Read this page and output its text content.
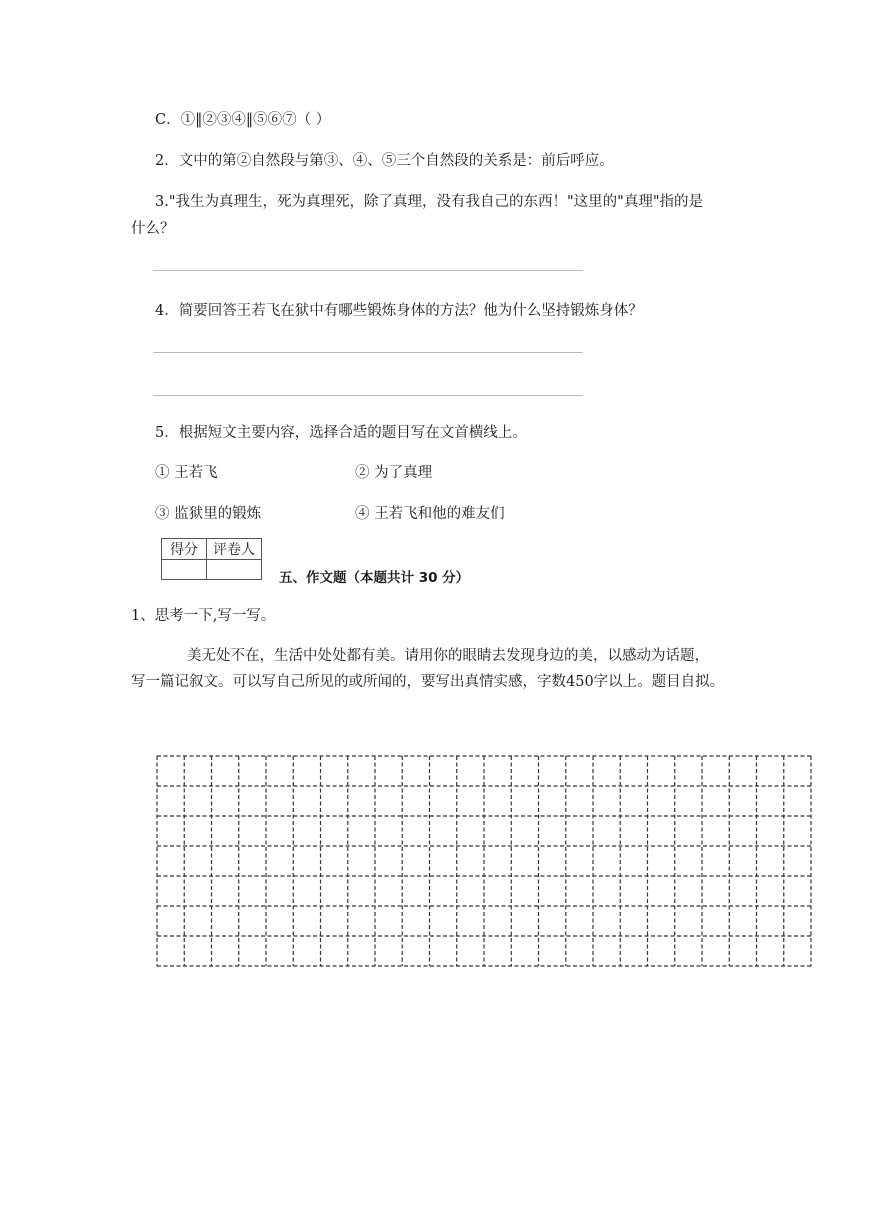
C．①‖②③④‖⑤⑥⑦（ ）
2．文中的第②自然段与第③、④、⑤三个自然段的关系是：前后呼应。
3."我生为真理生，死为真理死，除了真理，没有我自己的东西！"这里的"真理"指的是
什么？
4．简要回答王若飞在狱中有哪些锻炼身体的方法？他为什么坚持锻炼身体？
5．根据短文主要内容，选择合适的题目写在文首横线上。
① 王若飞	② 为了真理
③ 监狱里的锻炼	④ 王若飞和他的难友们
得分	评卷人

五、作文题（本题共计 30 分）
1、思考一下,写一写。
美无处不在，生活中处处都有美。请用你的眼睛去发现身边的美，以感动为话题，
写一篇记叙文。可以写自己所见的或所闻的，要写出真情实感，字数450字以上。题目自拟。
